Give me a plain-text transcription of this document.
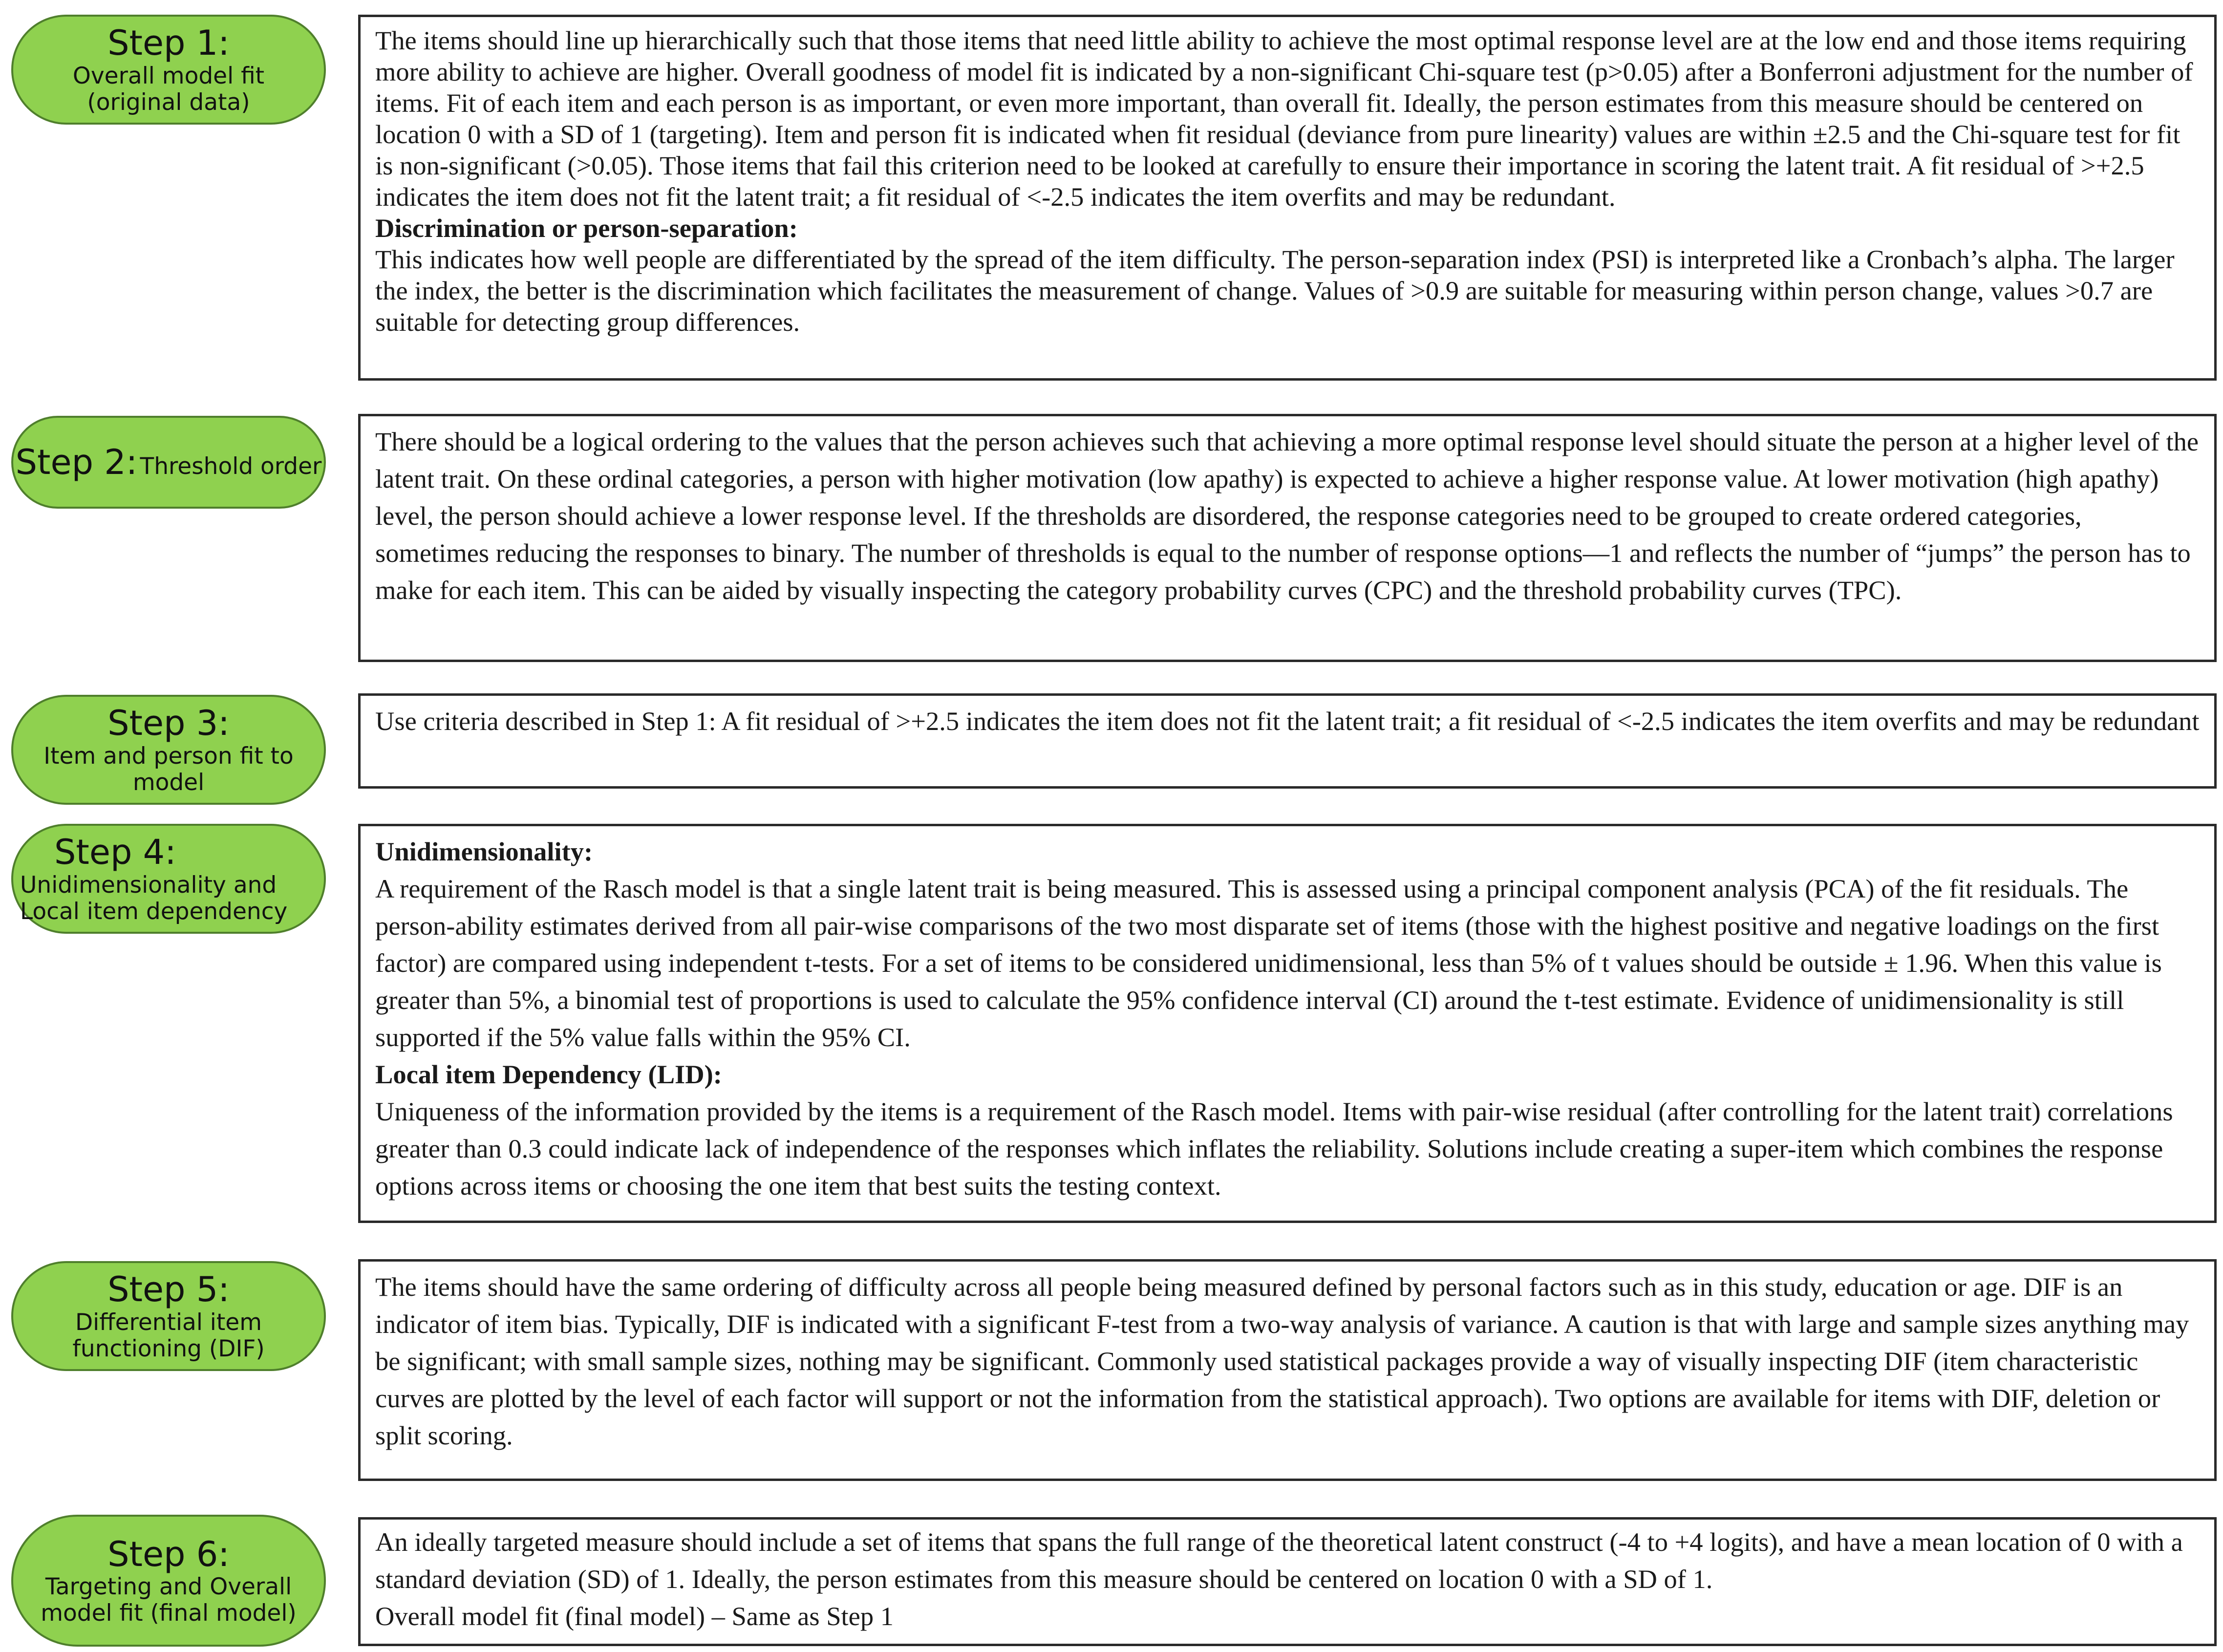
Step 1:
Overall model fit (original data)

The items should line up hierarchically such that those items that need little ability to achieve the most optimal response level are at the low end and those items requiring more ability to achieve are higher. Overall goodness of model fit is indicated by a non-significant Chi-square test (p>0.05) after a Bonferroni adjustment for the number of items. Fit of each item and each person is as important, or even more important, than overall fit. Ideally, the person estimates from this measure should be centered on location 0 with a SD of 1 (targeting). Item and person fit is indicated when fit residual (deviance from pure linearity) values are within ±2.5 and the Chi-square test for fit is non-significant (>0.05). Those items that fail this criterion need to be looked at carefully to ensure their importance in scoring the latent trait. A fit residual of >+2.5 indicates the item does not fit the latent trait; a fit residual of <-2.5 indicates the item overfits and may be redundant.

Discrimination or person-separation:

This indicates how well people are differentiated by the spread of the item difficulty. The person-separation index (PSI) is interpreted like a Cronbach’s alpha. The larger the index, the better is the discrimination which facilitates the measurement of change. Values of >0.9 are suitable for measuring within person change, values >0.7 are suitable for detecting group differences.

Step 2: Threshold order

There should be a logical ordering to the values that the person achieves such that achieving a more optimal response level should situate the person at a higher level of the latent trait. On these ordinal categories, a person with higher motivation (low apathy) is expected to achieve a higher response value. At lower motivation (high apathy) level, the person should achieve a lower response level. If the thresholds are disordered, the response categories need to be grouped to create ordered categories, sometimes reducing the responses to binary. The number of thresholds is equal to the number of response options—1 and reflects the number of “jumps” the person has to make for each item. This can be aided by visually inspecting the category probability curves (CPC) and the threshold probability curves (TPC).

Step 3:
Item and person fit to model

Use criteria described in Step 1: A fit residual of >+2.5 indicates the item does not fit the latent trait; a fit residual of <-2.5 indicates the item overfits and may be redundant

Step 4:
Unidimensionality and Local item dependency

Unidimensionality:

A requirement of the Rasch model is that a single latent trait is being measured. This is assessed using a principal component analysis (PCA) of the fit residuals. The person-ability estimates derived from all pair-wise comparisons of the two most disparate set of items (those with the highest positive and negative loadings on the first factor) are compared using independent t-tests. For a set of items to be considered unidimensional, less than 5% of t values should be outside ± 1.96. When this value is greater than 5%, a binomial test of proportions is used to calculate the 95% confidence interval (CI) around the t-test estimate. Evidence of unidimensionality is still supported if the 5% value falls within the 95% CI.

Local item Dependency (LID):

Uniqueness of the information provided by the items is a requirement of the Rasch model. Items with pair-wise residual (after controlling for the latent trait) correlations greater than 0.3 could indicate lack of independence of the responses which inflates the reliability. Solutions include creating a super-item which combines the response options across items or choosing the one item that best suits the testing context.

Step 5:
Differential item functioning (DIF)

The items should have the same ordering of difficulty across all people being measured defined by personal factors such as in this study, education or age. DIF is an indicator of item bias. Typically, DIF is indicated with a significant F-test from a two-way analysis of variance. A caution is that with large and sample sizes anything may be significant; with small sample sizes, nothing may be significant. Commonly used statistical packages provide a way of visually inspecting DIF (item characteristic curves are plotted by the level of each factor will support or not the information from the statistical approach). Two options are available for items with DIF, deletion or split scoring.

Step 6:
Targeting and Overall model fit (final model)

An ideally targeted measure should include a set of items that spans the full range of the theoretical latent construct (-4 to +4 logits), and have a mean location of 0 with a standard deviation (SD) of 1. Ideally, the person estimates from this measure should be centered on location 0 with a SD of 1.

Overall model fit (final model) – Same as Step 1
